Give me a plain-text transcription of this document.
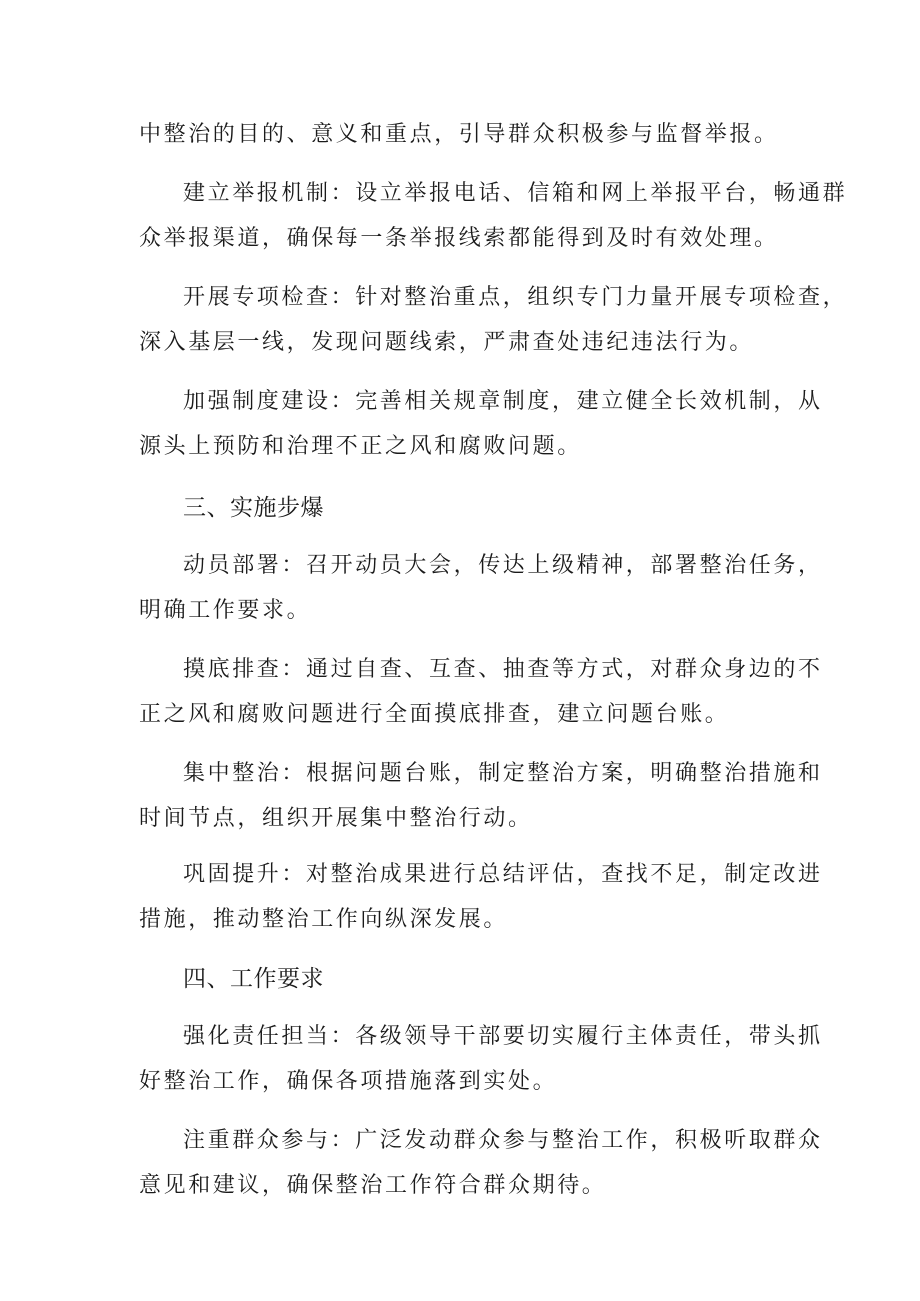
中整治的目的、意义和重点，引导群众积极参与监督举报。
建立举报机制：设立举报电话、信箱和网上举报平台，畅通群
众举报渠道，确保每一条举报线索都能得到及时有效处理。
开展专项检查：针对整治重点，组织专门力量开展专项检查，
深入基层一线，发现问题线索，严肃查处违纪违法行为。
加强制度建设：完善相关规章制度，建立健全长效机制，从
源头上预防和治理不正之风和腐败问题。
三、实施步爆
动员部署：召开动员大会，传达上级精神，部署整治任务，
明确工作要求。
摸底排查：通过自查、互查、抽查等方式，对群众身边的不
正之风和腐败问题进行全面摸底排查，建立问题台账。
集中整治：根据问题台账，制定整治方案，明确整治措施和
时间节点，组织开展集中整治行动。
巩固提升：对整治成果进行总结评估，查找不足，制定改进
措施，推动整治工作向纵深发展。
四、工作要求
强化责任担当：各级领导干部要切实履行主体责任，带头抓
好整治工作，确保各项措施落到实处。
注重群众参与：广泛发动群众参与整治工作，积极听取群众
意见和建议，确保整治工作符合群众期待。
